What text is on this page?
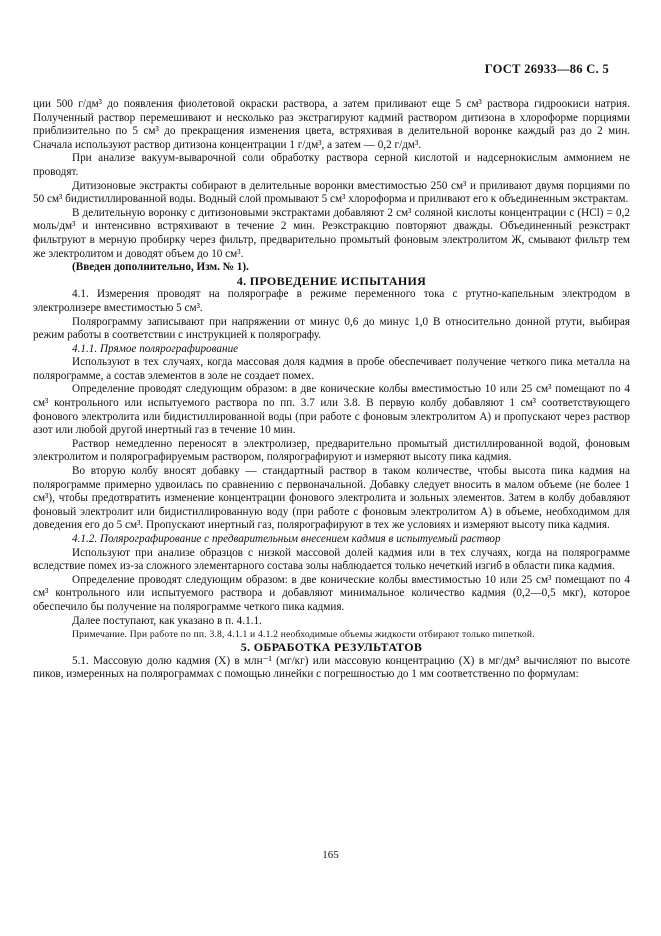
ГОСТ 26933—86 С. 5

ции 500 г/дм³ до появления фиолетовой окраски раствора, а затем приливают еще 5 см³ раствора гидроокиси натрия. Полученный раствор перемешивают и несколько раз экстрагируют кадмий раствором дитизона в хлороформе порциями приблизительно по 5 см³ до прекращения изменения цвета, встряхивая в делительной воронке каждый раз до 2 мин. Сначала используют раствор дитизона концентрации 1 г/дм³, а затем — 0,2 г/дм³.

При анализе вакуум-выварочной соли обработку раствора серной кислотой и надсернокислым аммонием не проводят.

Дитизоновые экстракты собирают в делительные воронки вместимостью 250 см³ и приливают двумя порциями по 50 см³ бидистиллированной воды. Водный слой промывают 5 см³ хлороформа и приливают его к объединенным экстрактам.

В делительную воронку с дитизоновыми экстрактами добавляют 2 см³ соляной кислоты концентрации c (HCl) = 0,2 моль/дм³ и интенсивно встряхивают в течение 2 мин. Реэкстракцию повторяют дважды. Объединенный реэкстракт фильтруют в мерную пробирку через фильтр, предварительно промытый фоновым электролитом Ж, смывают фильтр тем же электролитом и доводят объем до 10 см³.

(Введен дополнительно, Изм. № 1).

4. ПРОВЕДЕНИЕ ИСПЫТАНИЯ

4.1. Измерения проводят на полярографе в режиме переменного тока с ртутно-капельным электродом в электролизере вместимостью 5 см³.

Полярограмму записывают при напряжении от минус 0,6 до минус 1,0 В относительно донной ртути, выбирая режим работы в соответствии с инструкцией к полярографу.

4.1.1. Прямое полярографирование

Используют в тех случаях, когда массовая доля кадмия в пробе обеспечивает получение четкого пика металла на полярограмме, а состав элементов в золе не создает помех.

Определение проводят следующим образом: в две конические колбы вместимостью 10 или 25 см³ помещают по 4 см³ контрольного или испытуемого раствора по пп. 3.7 или 3.8. В первую колбу добавляют 1 см³ соответствующего фонового электролита или бидистиллированной воды (при работе с фоновым электролитом А) и пропускают через раствор азот или любой другой инертный газ в течение 10 мин.

Раствор немедленно переносят в электролизер, предварительно промытый дистиллированной водой, фоновым электролитом и полярографируемым раствором, полярографируют и измеряют высоту пика кадмия.

Во вторую колбу вносят добавку — стандартный раствор в таком количестве, чтобы высота пика кадмия на полярограмме примерно удвоилась по сравнению с первоначальной. Добавку следует вносить в малом объеме (не более 1 см³), чтобы предотвратить изменение концентрации фонового электролита и зольных элементов. Затем в колбу добавляют фоновый электролит или бидистиллированную воду (при работе с фоновым электролитом А) в объеме, необходимом для доведения его до 5 см³. Пропускают инертный газ, полярографируют в тех же условиях и измеряют высоту пика кадмия.

4.1.2. Полярографирование с предварительным внесением кадмия в испытуемый раствор

Используют при анализе образцов с низкой массовой долей кадмия или в тех случаях, когда на полярограмме вследствие помех из-за сложного элементарного состава золы наблюдается только нечеткий изгиб в области пика кадмия.

Определение проводят следующим образом: в две конические колбы вместимостью 10 или 25 см³ помещают по 4 см³ контрольного или испытуемого раствора и добавляют минимальное количество кадмия (0,2—0,5 мкг), которое обеспечило бы получение на полярограмме четкого пика кадмия.

Далее поступают, как указано в п. 4.1.1.

Примечание. При работе по пп. 3.8, 4.1.1 и 4.1.2 необходимые объемы жидкости отбирают только пипеткой.

5. ОБРАБОТКА РЕЗУЛЬТАТОВ

5.1. Массовую долю кадмия (X) в млн⁻¹ (мг/кг) или массовую концентрацию (X) в мг/дм³ вычисляют по высоте пиков, измеренных на полярограммах с помощью линейки с погрешностью до 1 мм соответственно по формулам:

165
